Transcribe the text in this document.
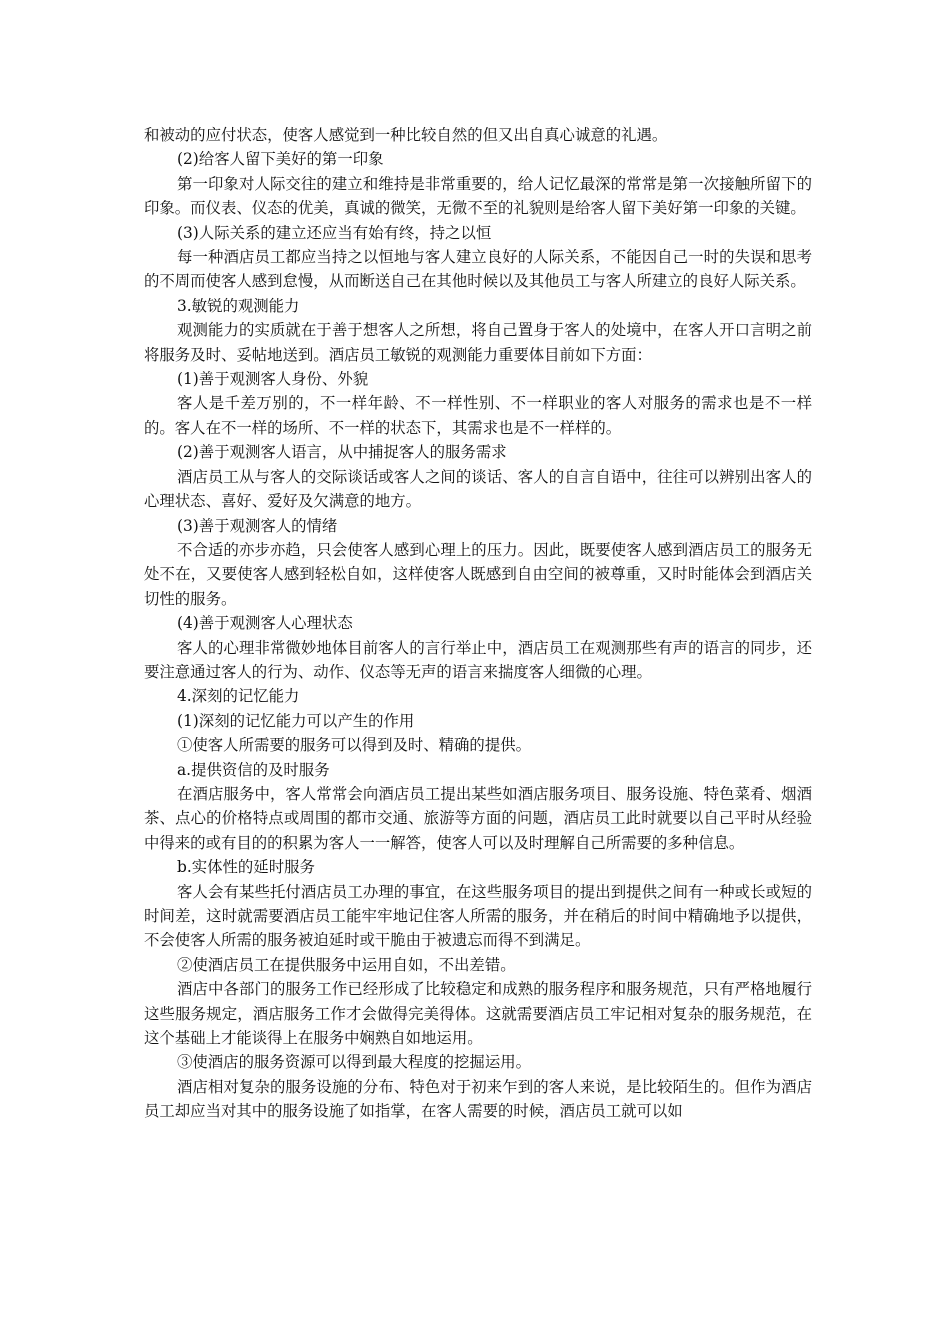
和被动的应付状态，使客人感觉到一种比较自然的但又出自真心诚意的礼遇。

(2)给客人留下美好的第一印象

第一印象对人际交往的建立和维持是非常重要的，给人记忆最深的常常是第一次接触所留下的印象。而仪表、仪态的优美，真诚的微笑，无微不至的礼貌则是给客人留下美好第一印象的关键。

(3)人际关系的建立还应当有始有终，持之以恒

每一种酒店员工都应当持之以恒地与客人建立良好的人际关系，不能因自己一时的失误和思考的不周而使客人感到怠慢，从而断送自己在其他时候以及其他员工与客人所建立的良好人际关系。

3.敏锐的观测能力

观测能力的实质就在于善于想客人之所想，将自己置身于客人的处境中，在客人开口言明之前将服务及时、妥帖地送到。酒店员工敏锐的观测能力重要体目前如下方面：

(1)善于观测客人身份、外貌

客人是千差万别的，不一样年龄、不一样性别、不一样职业的客人对服务的需求也是不一样的。客人在不一样的场所、不一样的状态下，其需求也是不一样样的。

(2)善于观测客人语言，从中捕捉客人的服务需求

酒店员工从与客人的交际谈话或客人之间的谈话、客人的自言自语中，往往可以辨别出客人的心理状态、喜好、爱好及欠满意的地方。

(3)善于观测客人的情绪

不合适的亦步亦趋，只会使客人感到心理上的压力。因此，既要使客人感到酒店员工的服务无处不在，又要使客人感到轻松自如，这样使客人既感到自由空间的被尊重，又时时能体会到酒店关切性的服务。

(4)善于观测客人心理状态

客人的心理非常微妙地体目前客人的言行举止中，酒店员工在观测那些有声的语言的同步，还要注意通过客人的行为、动作、仪态等无声的语言来揣度客人细微的心理。

4.深刻的记忆能力

(1)深刻的记忆能力可以产生的作用

①使客人所需要的服务可以得到及时、精确的提供。

a.提供资信的及时服务

在酒店服务中，客人常常会向酒店员工提出某些如酒店服务项目、服务设施、特色菜肴、烟酒茶、点心的价格特点或周围的都市交通、旅游等方面的问题，酒店员工此时就要以自己平时从经验中得来的或有目的的积累为客人一一解答，使客人可以及时理解自己所需要的多种信息。

b.实体性的延时服务

客人会有某些托付酒店员工办理的事宜，在这些服务项目的提出到提供之间有一种或长或短的时间差，这时就需要酒店员工能牢牢地记住客人所需的服务，并在稍后的时间中精确地予以提供，不会使客人所需的服务被迫延时或干脆由于被遗忘而得不到满足。

②使酒店员工在提供服务中运用自如，不出差错。

酒店中各部门的服务工作已经形成了比较稳定和成熟的服务程序和服务规范，只有严格地履行这些服务规定，酒店服务工作才会做得完美得体。这就需要酒店员工牢记相对复杂的服务规范，在这个基础上才能谈得上在服务中娴熟自如地运用。

③使酒店的服务资源可以得到最大程度的挖掘运用。

酒店相对复杂的服务设施的分布、特色对于初来乍到的客人来说，是比较陌生的。但作为酒店员工却应当对其中的服务设施了如指掌，在客人需要的时候，酒店员工就可以如
